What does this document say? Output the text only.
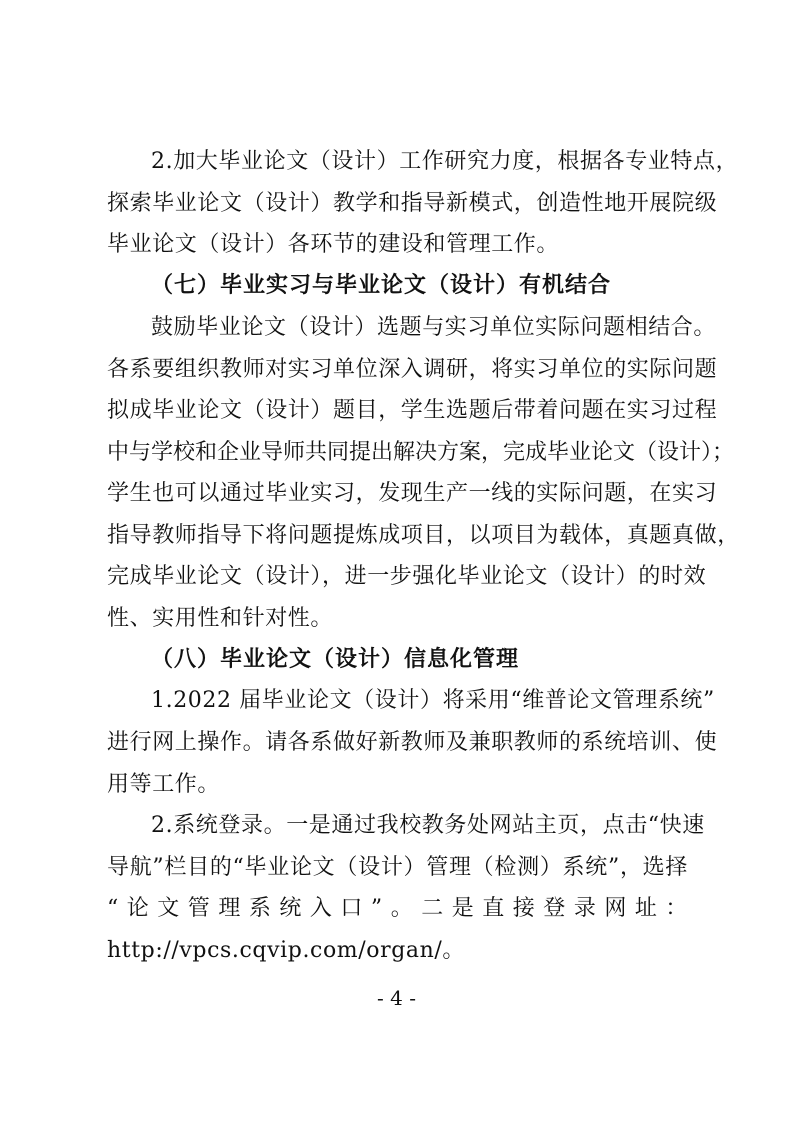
2.加大毕业论文（设计）工作研究力度，根据各专业特点，
探索毕业论文（设计）教学和指导新模式，创造性地开展院级
毕业论文（设计）各环节的建设和管理工作。
（七）毕业实习与毕业论文（设计）有机结合
鼓励毕业论文（设计）选题与实习单位实际问题相结合。
各系要组织教师对实习单位深入调研，将实习单位的实际问题
拟成毕业论文（设计）题目，学生选题后带着问题在实习过程
中与学校和企业导师共同提出解决方案，完成毕业论文（设计）；
学生也可以通过毕业实习，发现生产一线的实际问题，在实习
指导教师指导下将问题提炼成项目，以项目为载体，真题真做，
完成毕业论文（设计），进一步强化毕业论文（设计）的时效
性、实用性和针对性。
（八）毕业论文（设计）信息化管理
1.2022 届毕业论文（设计）将采用“维普论文管理系统”
进行网上操作。请各系做好新教师及兼职教师的系统培训、使
用等工作。
2.系统登录。一是通过我校教务处网站主页，点击“快速
导航”栏目的“毕业论文（设计）管理（检测）系统”，选择
“论文管理系统入口”。二是直接登录网址：
http://vpcs.cqvip.com/organ/。
- 4 -
